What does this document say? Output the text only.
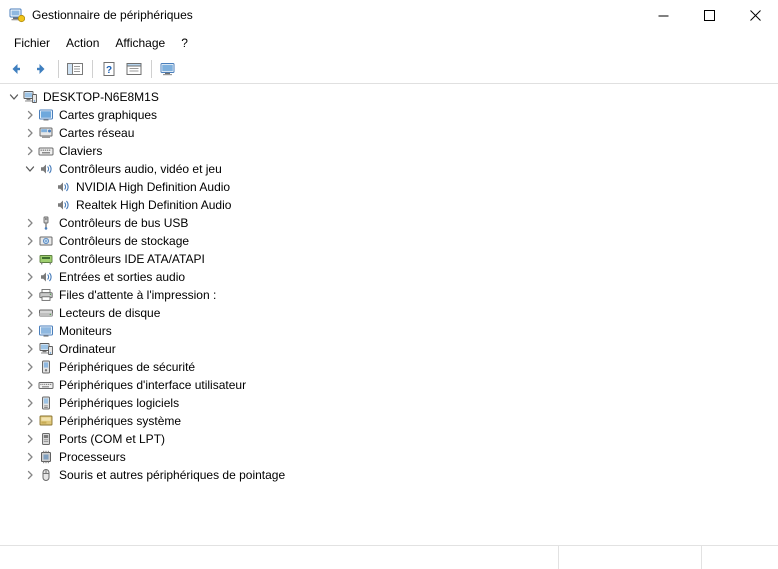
Gestionnaire de périphériques
Fichier	Action	Affichage	?
?
DESKTOP-N6E8M1S
Cartes graphiques
Cartes réseau
Claviers
Contrôleurs audio, vidéo et jeu
NVIDIA High Definition Audio
Realtek High Definition Audio
Contrôleurs de bus USB
Contrôleurs de stockage
Contrôleurs IDE ATA/ATAPI
Entrées et sorties audio
Files d'attente à l'impression :
Lecteurs de disque
Moniteurs
Ordinateur
Périphériques de sécurité
Périphériques d'interface utilisateur
Périphériques logiciels
Périphériques système
Ports (COM et LPT)
Processeurs
Souris et autres périphériques de pointage
